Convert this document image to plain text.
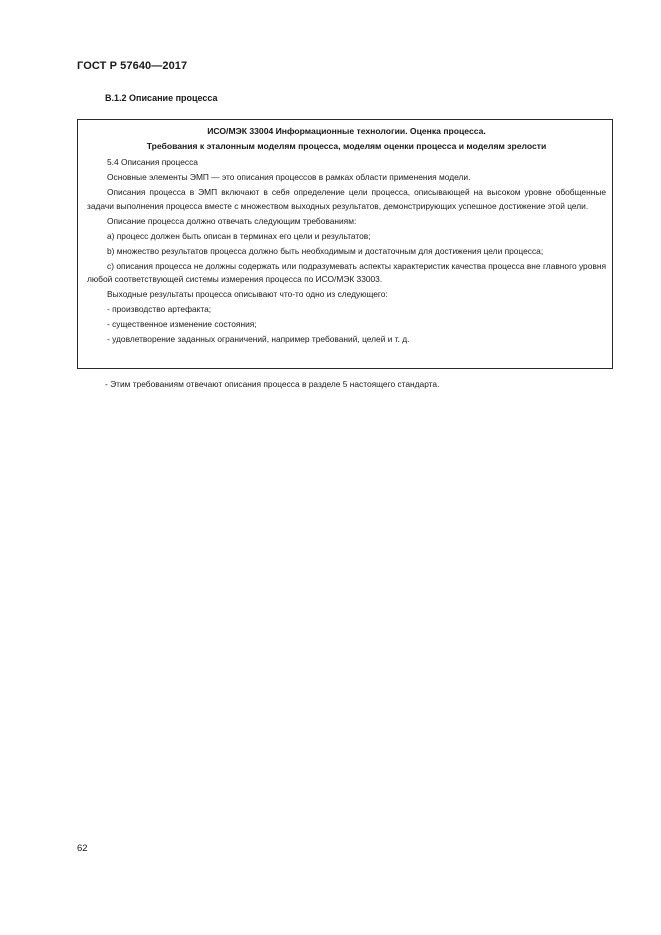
ГОСТ Р 57640—2017
B.1.2 Описание процесса
ИСО/МЭК 33004 Информационные технологии. Оценка процесса.
Требования к эталонным моделям процесса, моделям оценки процесса и моделям зрелости
5.4 Описания процесса
Основные элементы ЭМП — это описания процессов в рамках области применения модели.
Описания процесса в ЭМП включают в себя определение цели процесса, описывающей на высоком уровне обобщенные задачи выполнения процесса вместе с множеством выходных результатов, демонстрирующих успешное достижение этой цели.
Описание процесса должно отвечать следующим требованиям:
a) процесс должен быть описан в терминах его цели и результатов;
b) множество результатов процесса должно быть необходимым и достаточным для достижения цели процесса;
c) описания процесса не должны содержать или подразумевать аспекты характеристик качества процесса вне главного уровня любой соответствующей системы измерения процесса по ИСО/МЭК 33003.
Выходные результаты процесса описывают что-то одно из следующего:
- производство артефакта;
- существенное изменение состояния;
- удовлетворение заданных ограничений, например требований, целей и т. д.
- Этим требованиям отвечают описания процесса в разделе 5 настоящего стандарта.
62
